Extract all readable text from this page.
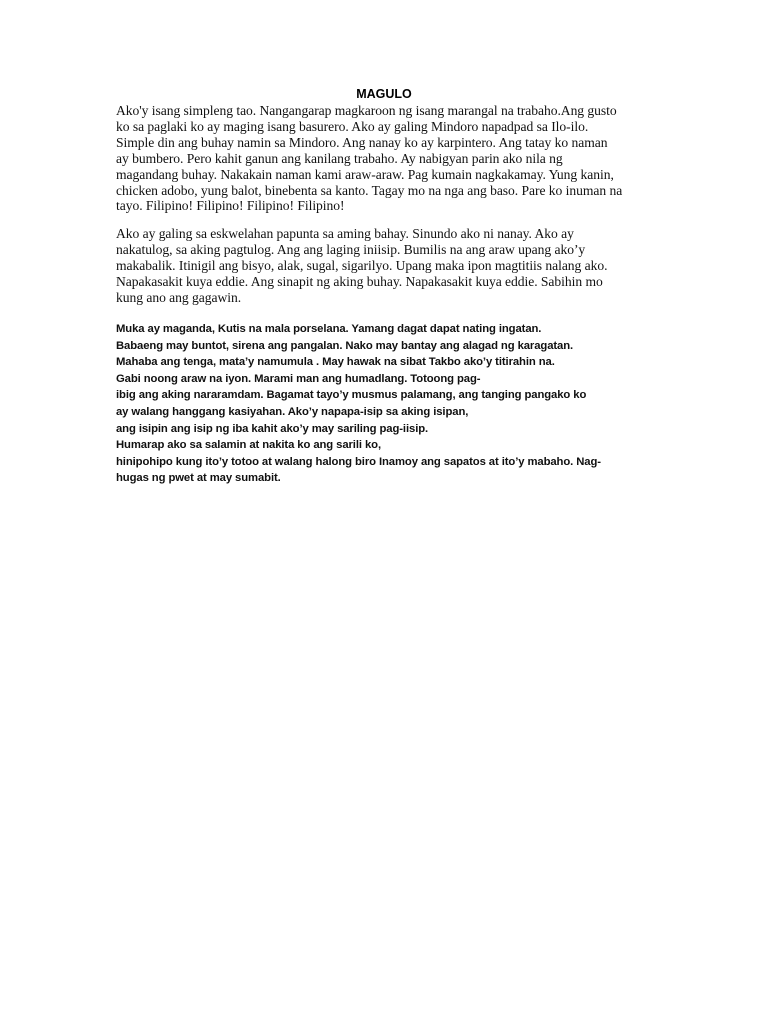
MAGULO
Ako'y isang simpleng tao. Nangangarap magkaroon ng isang marangal na trabaho.Ang gusto
ko sa paglaki ko ay maging isang basurero. Ako ay galing Mindoro napadpad sa Ilo-ilo.
Simple din ang buhay namin sa Mindoro. Ang nanay ko ay karpintero. Ang tatay ko naman
ay bumbero. Pero kahit ganun ang kanilang trabaho. Ay nabigyan parin ako nila ng
magandang buhay. Nakakain naman kami araw-araw. Pag kumain nagkakamay. Yung kanin,
chicken adobo, yung balot, binebenta sa kanto. Tagay mo na nga ang baso. Pare ko inuman na
tayo. Filipino! Filipino! Filipino! Filipino!
Ako ay galing sa eskwelahan papunta sa aming bahay. Sinundo ako ni nanay. Ako ay
nakatulog, sa aking pagtulog. Ang ang laging iniisip. Bumilis na ang araw upang ako’y
makabalik. Itinigil ang bisyo, alak, sugal, sigarilyo. Upang maka ipon magtitiis nalang ako.
Napakasakit kuya eddie. Ang sinapit ng aking buhay. Napakasakit kuya eddie. Sabihin mo
kung ano ang gagawin.
Muka ay maganda, Kutis na mala porselana. Yamang dagat dapat nating ingatan.
Babaeng may buntot, sirena ang pangalan. Nako may bantay ang alagad ng karagatan.
Mahaba ang tenga, mata’y namumula . May hawak na sibat Takbo ako’y titirahin na.
Gabi noong araw na iyon. Marami man ang humadlang. Totoong pag-
ibig ang aking nararamdam. Bagamat tayo’y musmus palamang, ang tanging pangako ko
ay walang hanggang kasiyahan. Ako’y napapa-isip sa aking isipan,
ang isipin ang isip ng iba kahit ako’y may sariling pag-iisip.
Humarap ako sa salamin at nakita ko ang sarili ko,
hinipohipo kung ito’y totoo at walang halong biro Inamoy ang sapatos at ito’y mabaho. Nag-
hugas ng pwet at may sumabit.
